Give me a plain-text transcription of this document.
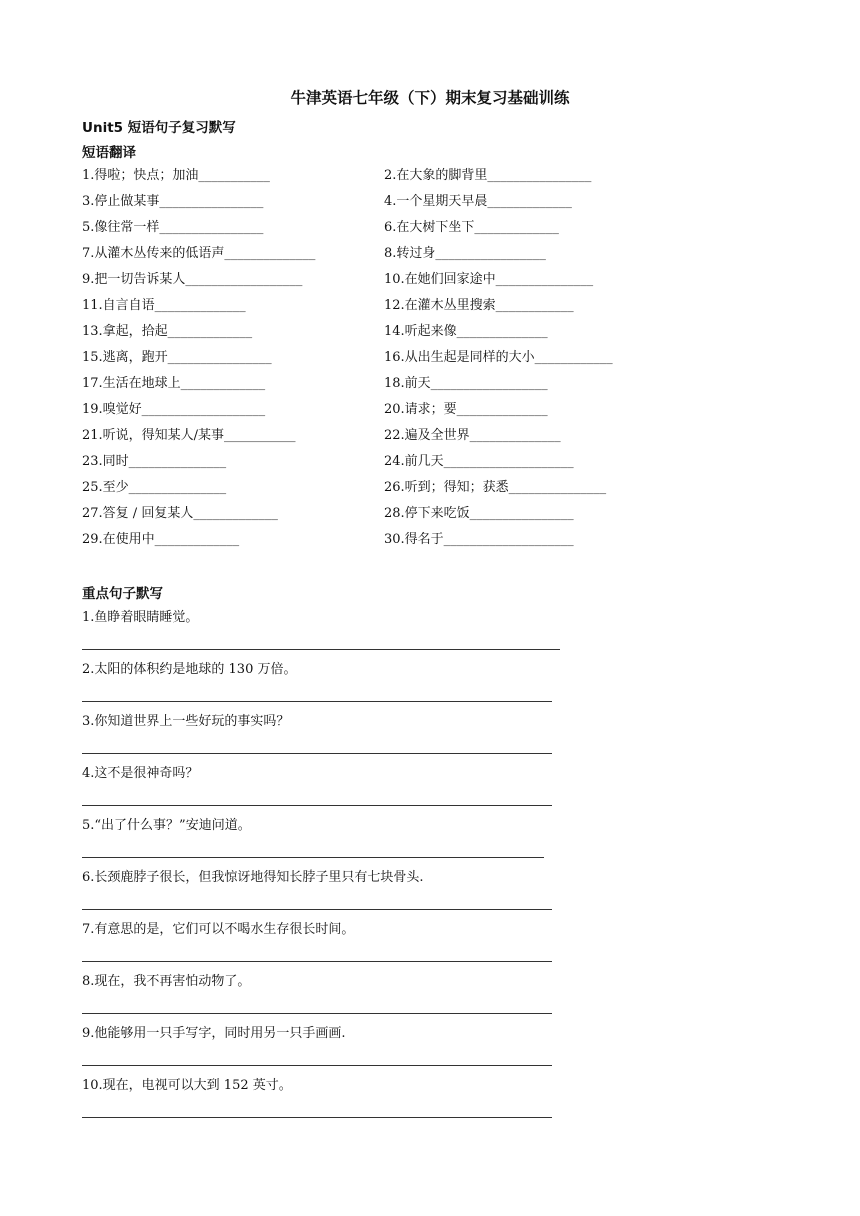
牛津英语七年级（下）期末复习基础训练
Unit5 短语句子复习默写
短语翻译
1.得啦；快点；加油___________	2.在大象的脚背里________________
3.停止做某事________________	4.一个星期天早晨_____________
5.像往常一样________________	6.在大树下坐下_____________
7.从灌木丛传来的低语声______________	8.转过身_________________
9.把一切告诉某人__________________	10.在她们回家途中_______________
11.自言自语______________	12.在灌木丛里搜索____________
13.拿起，拾起_____________	14.听起来像______________
15.逃离，跑开________________	16.从出生起是同样的大小____________
17.生活在地球上_____________	18.前天__________________
19.嗅觉好___________________	20.请求；要______________
21.听说，得知某人/某事___________	22.遍及全世界______________
23.同时_______________	24.前几天____________________
25.至少_______________	26.听到；得知；获悉_______________
27.答复 / 回复某人_____________	28.停下来吃饭________________
29.在使用中_____________	30.得名于____________________
重点句子默写
1.鱼睁着眼睛睡觉。
2.太阳的体积约是地球的 130 万倍。
3.你知道世界上一些好玩的事实吗？
4.这不是很神奇吗？
5.“出了什么事？”安迪问道。
6.长颈鹿脖子很长，但我惊讶地得知长脖子里只有七块骨头.
7.有意思的是，它们可以不喝水生存很长时间。
8.现在，我不再害怕动物了。
9.他能够用一只手写字，同时用另一只手画画.
10.现在，电视可以大到 152 英寸。
